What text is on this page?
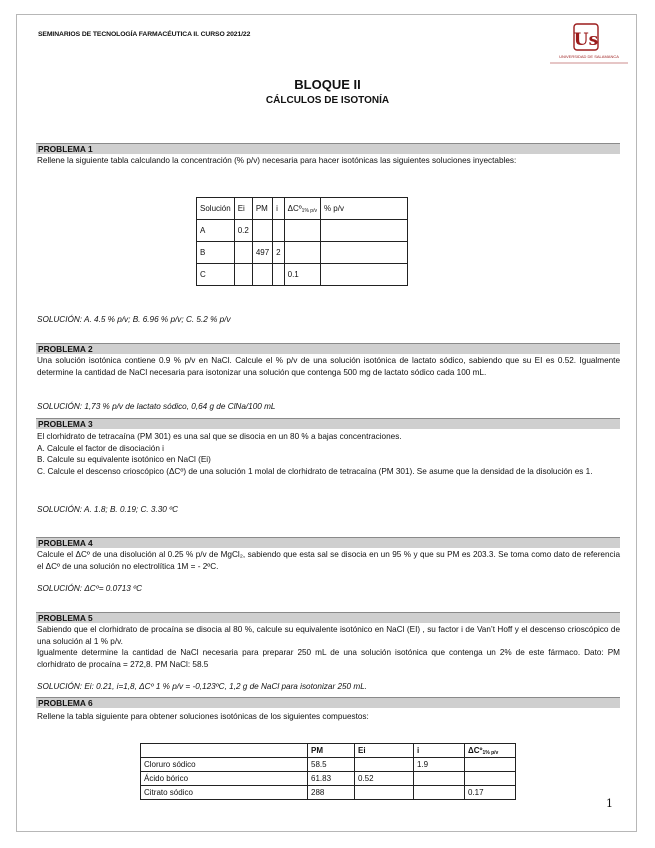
SEMINARIOS DE TECNOLOGÍA FARMACÉUTICA II. CURSO 2021/22	Us
UNIVERSIDAD DE SALAMANCA
BLOQUE II
CÁLCULOS DE ISOTONÍA
PROBLEMA 1
Rellene la siguiente tabla calculando la concentración (% p/v) necesaria para hacer isotónicas las siguientes soluciones inyectables:
Solución	Ei	PM	i	ΔCº$_{1\% p/v}$	% p/v
A	0.2				
B		497	2		
C				0.1	
SOLUCIÓN: A. 4.5 % p/v; B. 6.96 % p/v; C. 5.2 % p/v
PROBLEMA 2
Una solución isotónica contiene 0.9 % p/v en NaCl. Calcule el % p/v de una solución isotónica de lactato sódico, sabiendo que su EI es 0.52. Igualmente determine la cantidad de NaCl necesaria para isotonizar una solución que contenga 500 mg de lactato sódico cada 100 mL.
SOLUCIÓN: 1,73 % p/v de lactato sódico, 0,64 g de ClNa/100 mL
PROBLEMA 3
El clorhidrato de tetracaína (PM 301) es una sal que se disocia en un 80 % a bajas concentraciones.
A. Calcule el factor de disociación i
B. Calcule su equivalente isotónico en NaCl (Ei)
C. Calcule el descenso crioscópico (ΔCº) de una solución 1 molal de clorhidrato de tetracaína (PM 301). Se asume que la densidad de la disolución es 1.
SOLUCIÓN: A. 1.8; B. 0.19; C. 3.30 ºC
PROBLEMA 4
Calcule el ΔCº de una disolución al 0.25 % p/v de MgCl₂, sabiendo que esta sal se disocia en un 95 % y que su PM es 203.3. Se toma como dato de referencia el ΔCº de una solución no electrolítica 1M = - 2ºC.
SOLUCIÓN: ΔCº= 0.0713 ºC
PROBLEMA 5
Sabiendo que el clorhidrato de procaína se disocia al 80 %, calcule su equivalente isotónico en NaCl (EI) , su factor i de Van’t Hoff y el descenso crioscópico de una solución al 1 % p/v.
Igualmente determine la cantidad de NaCl necesaria para preparar 250 mL de una solución isotónica que contenga un 2% de este fármaco. Dato: PM clorhidrato de procaína = 272,8. PM NaCl: 58.5
SOLUCIÓN: Ei: 0.21, i=1,8, ΔCº 1 % p/v = -0,123ºC, 1,2 g de NaCl para isotonizar 250 mL.
PROBLEMA 6
Rellene la tabla siguiente para obtener soluciones isotónicas de los siguientes compuestos:
	PM	Ei	i	ΔCº$_{1\% p/v}$
Cloruro sódico	58.5		1.9	
Ácido bórico	61.83	0.52		
Citrato sódico	288			0.17
1
